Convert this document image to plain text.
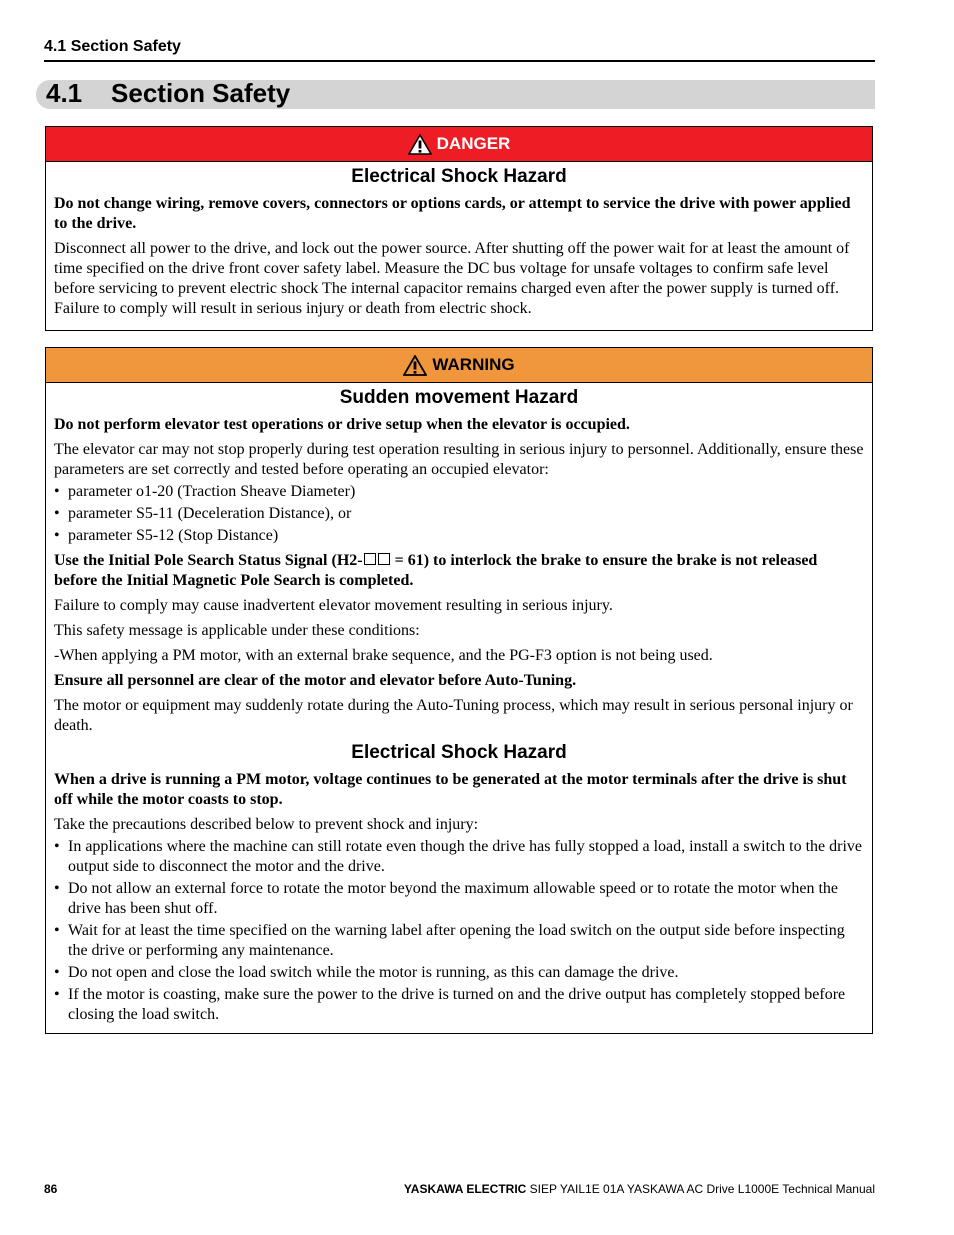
4.1 Section Safety
4.1    Section Safety
DANGER
Electrical Shock Hazard

Do not change wiring, remove covers, connectors or options cards, or attempt to service the drive with power applied to the drive.

Disconnect all power to the drive, and lock out the power source. After shutting off the power wait for at least the amount of time specified on the drive front cover safety label. Measure the DC bus voltage for unsafe voltages to confirm safe level before servicing to prevent electric shock The internal capacitor remains charged even after the power supply is turned off. Failure to comply will result in serious injury or death from electric shock.

WARNING
Sudden movement Hazard

Do not perform elevator test operations or drive setup when the elevator is occupied.

The elevator car may not stop properly during test operation resulting in serious injury to personnel. Additionally, ensure these parameters are set correctly and tested before operating an occupied elevator:

• parameter o1-20 (Traction Sheave Diameter)
• parameter S5-11 (Deceleration Distance), or
• parameter S5-12 (Stop Distance)

Use the Initial Pole Search Status Signal (H2- = 61) to interlock the brake to ensure the brake is not released before the Initial Magnetic Pole Search is completed.

Failure to comply may cause inadvertent elevator movement resulting in serious injury.

This safety message is applicable under these conditions:

-When applying a PM motor, with an external brake sequence, and the PG-F3 option is not being used.

Ensure all personnel are clear of the motor and elevator before Auto-Tuning.

The motor or equipment may suddenly rotate during the Auto-Tuning process, which may result in serious personal injury or death.

Electrical Shock Hazard

When a drive is running a PM motor, voltage continues to be generated at the motor terminals after the drive is shut off while the motor coasts to stop.

Take the precautions described below to prevent shock and injury:

• In applications where the machine can still rotate even though the drive has fully stopped a load, install a switch to the drive output side to disconnect the motor and the drive.
• Do not allow an external force to rotate the motor beyond the maximum allowable speed or to rotate the motor when the drive has been shut off.
• Wait for at least the time specified on the warning label after opening the load switch on the output side before inspecting the drive or performing any maintenance.
• Do not open and close the load switch while the motor is running, as this can damage the drive.
• If the motor is coasting, make sure the power to the drive is turned on and the drive output has completely stopped before closing the load switch.
86	YASKAWA ELECTRIC SIEP YAIL1E 01A YASKAWA AC Drive L1000E Technical Manual
